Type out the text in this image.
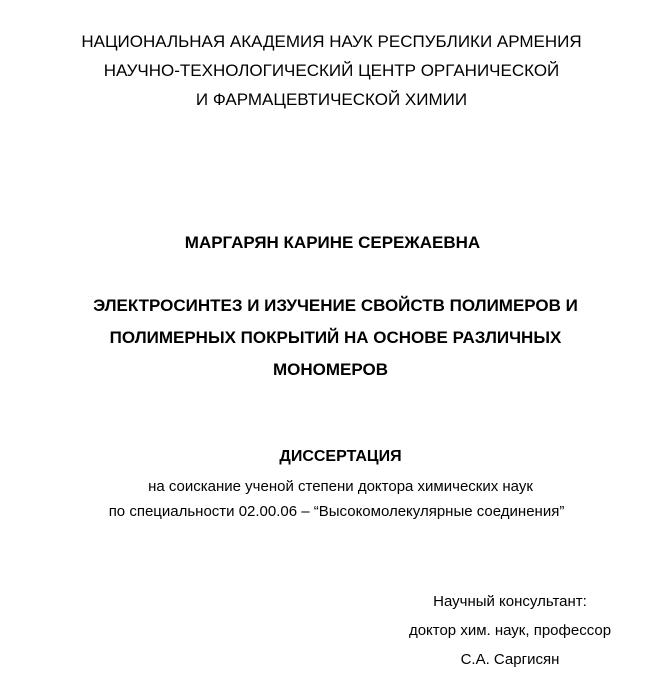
НАЦИОНАЛЬНАЯ АКАДЕМИЯ НАУК РЕСПУБЛИКИ АРМЕНИЯ
НАУЧНО-ТЕХНОЛОГИЧЕСКИЙ ЦЕНТР ОРГАНИЧЕСКОЙ
И ФАРМАЦЕВТИЧЕСКОЙ ХИМИИ
МАРГАРЯН КАРИНЕ СЕРЕЖАЕВНА
ЭЛЕКТРОСИНТЕЗ И ИЗУЧЕНИЕ СВОЙСТВ ПОЛИМЕРОВ И
ПОЛИМЕРНЫХ ПОКРЫТИЙ НА ОСНОВЕ РАЗЛИЧНЫХ
МОНОМЕРОВ
ДИССЕРТАЦИЯ
на соискание ученой степени доктора химических наук
по специальности 02.00.06 – “Высокомолекулярные соединения”
Научный консультант:
доктор хим. наук, профессор
С.А. Саргисян
